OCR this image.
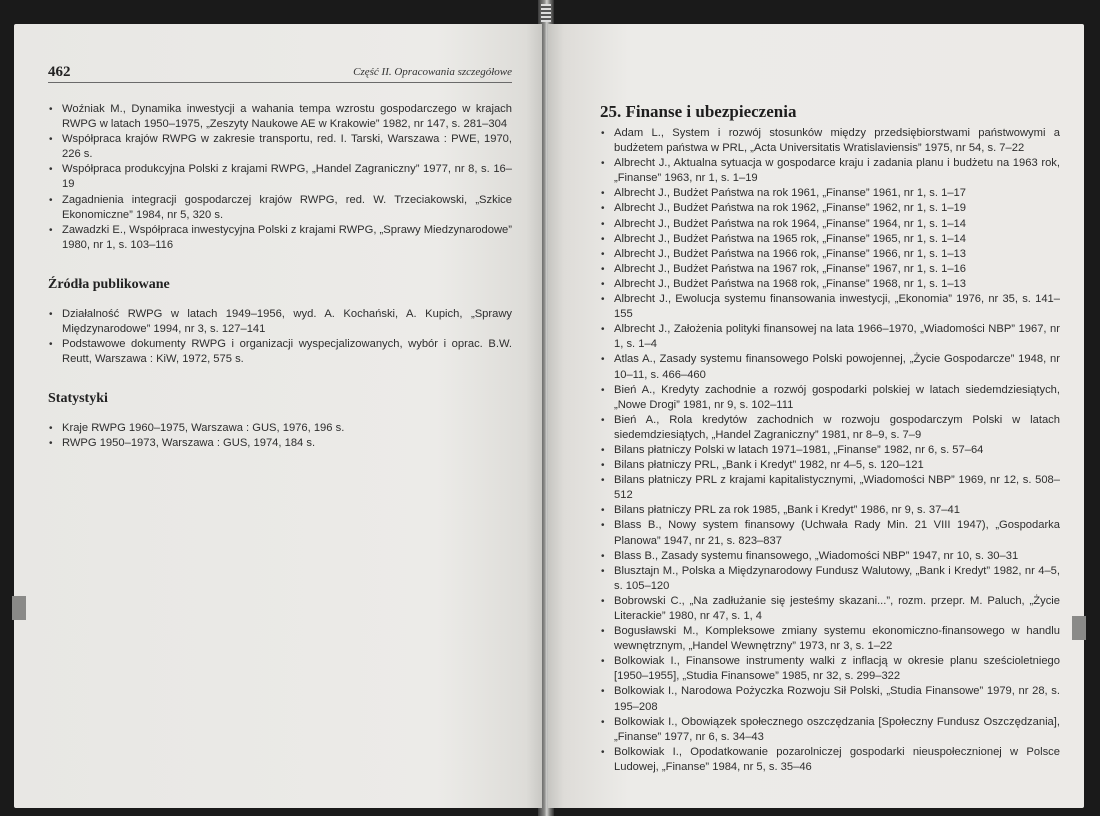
462	Część II. Opracowania szczegółowe
• Woźniak M., Dynamika inwestycji a wahania tempa wzrostu gospodarczego w krajach RWPG w latach 1950–1975, „Zeszyty Naukowe AE w Krakowie” 1982, nr 147, s. 281–304
• Współpraca krajów RWPG w zakresie transportu, red. I. Tarski, Warszawa : PWE, 1970, 226 s.
• Współpraca produkcyjna Polski z krajami RWPG, „Handel Zagraniczny” 1977, nr 8, s. 16–19
• Zagadnienia integracji gospodarczej krajów RWPG, red. W. Trzeciakowski, „Szkice Ekonomiczne” 1984, nr 5, 320 s.
• Zawadzki E., Współpraca inwestycyjna Polski z krajami RWPG, „Sprawy Miedzynarodowe” 1980, nr 1, s. 103–116
Źródła publikowane
• Działalność RWPG w latach 1949–1956, wyd. A. Kochański, A. Kupich, „Sprawy Międzynarodowe” 1994, nr 3, s. 127–141
• Podstawowe dokumenty RWPG i organizacji wyspecjalizowanych, wybór i oprac. B.W. Reutt, Warszawa : KiW, 1972, 575 s.
Statystyki
• Kraje RWPG 1960–1975, Warszawa : GUS, 1976, 196 s.
• RWPG 1950–1973, Warszawa : GUS, 1974, 184 s.
25. Finanse i ubezpieczenia
• Adam L., System i rozwój stosunków między przedsiębiorstwami państwowymi a budżetem państwa w PRL, „Acta Universitatis Wratislaviensis” 1975, nr 54, s. 7–22
• Albrecht J., Aktualna sytuacja w gospodarce kraju i zadania planu i budżetu na 1963 rok, „Finanse” 1963, nr 1, s. 1–19
• Albrecht J., Budżet Państwa na rok 1961, „Finanse” 1961, nr 1, s. 1–17
• Albrecht J., Budżet Państwa na rok 1962, „Finanse” 1962, nr 1, s. 1–19
• Albrecht J., Budżet Państwa na rok 1964, „Finanse” 1964, nr 1, s. 1–14
• Albrecht J., Budżet Państwa na 1965 rok, „Finanse” 1965, nr 1, s. 1–14
• Albrecht J., Budżet Państwa na 1966 rok, „Finanse” 1966, nr 1, s. 1–13
• Albrecht J., Budżet Państwa na 1967 rok, „Finanse” 1967, nr 1, s. 1–16
• Albrecht J., Budżet Państwa na 1968 rok, „Finanse” 1968, nr 1, s. 1–13
• Albrecht J., Ewolucja systemu finansowania inwestycji, „Ekonomia” 1976, nr 35, s. 141–155
• Albrecht J., Założenia polityki finansowej na lata 1966–1970, „Wiadomości NBP” 1967, nr 1, s. 1–4
• Atlas A., Zasady systemu finansowego Polski powojennej, „Życie Gospodarcze” 1948, nr 10–11, s. 466–460
• Bień A., Kredyty zachodnie a rozwój gospodarki polskiej w latach siedemdziesiątych, „Nowe Drogi” 1981, nr 9, s. 102–111
• Bień A., Rola kredytów zachodnich w rozwoju gospodarczym Polski w latach siedemdziesiątych, „Handel Zagraniczny” 1981, nr 8–9, s. 7–9
• Bilans płatniczy Polski w latach 1971–1981, „Finanse” 1982, nr 6, s. 57–64
• Bilans płatniczy PRL, „Bank i Kredyt” 1982, nr 4–5, s. 120–121
• Bilans płatniczy PRL z krajami kapitalistycznymi, „Wiadomości NBP” 1969, nr 12, s. 508–512
• Bilans płatniczy PRL za rok 1985, „Bank i Kredyt” 1986, nr 9, s. 37–41
• Blass B., Nowy system finansowy (Uchwała Rady Min. 21 VIII 1947), „Gospodarka Planowa” 1947, nr 21, s. 823–837
• Blass B., Zasady systemu finansowego, „Wiadomości NBP” 1947, nr 10, s. 30–31
• Blusztajn M., Polska a Międzynarodowy Fundusz Walutowy, „Bank i Kredyt” 1982, nr 4–5, s. 105–120
• Bobrowski C., „Na zadłużanie się jesteśmy skazani...”, rozm. przepr. M. Paluch, „Życie Literackie” 1980, nr 47, s. 1, 4
• Bogusławski M., Kompleksowe zmiany systemu ekonomiczno-finansowego w handlu wewnętrznym, „Handel Wewnętrzny” 1973, nr 3, s. 1–22
• Bolkowiak I., Finansowe instrumenty walki z inflacją w okresie planu sześcioletniego [1950–1955], „Studia Finansowe” 1985, nr 32, s. 299–322
• Bolkowiak I., Narodowa Pożyczka Rozwoju Sił Polski, „Studia Finansowe” 1979, nr 28, s. 195–208
• Bolkowiak I., Obowiązek społecznego oszczędzania [Społeczny Fundusz Oszczędzania], „Finanse” 1977, nr 6, s. 34–43
• Bolkowiak I., Opodatkowanie pozarolniczej gospodarki nieuspołecznionej w Polsce Ludowej, „Finanse” 1984, nr 5, s. 35–46
